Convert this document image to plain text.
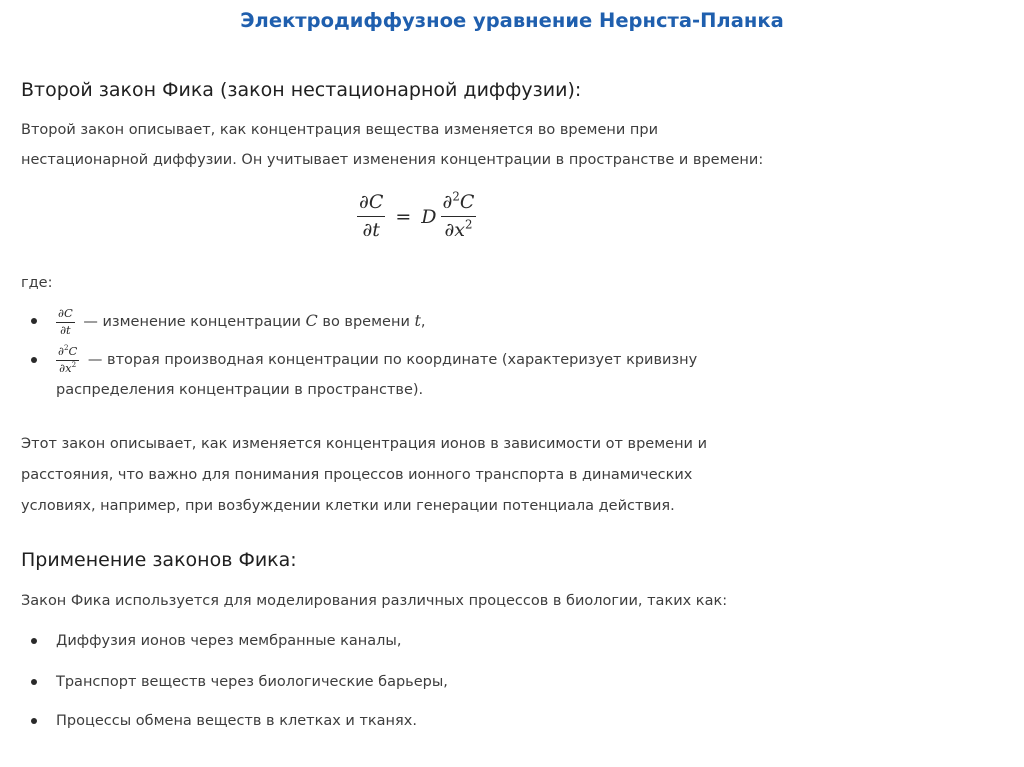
Электродиффузное уравнение Нернста-Планка
Второй закон Фика (закон нестационарной диффузии):

Второй закон описывает, как концентрация вещества изменяется во времени при

нестационарной диффузии. Он учитывает изменения концентрации в пространстве и времени:

$\frac{\partial C}{\partial t} = D \frac{\partial^2C}{\partial x^2}$

где:

$\frac{\partial C}{\partial t}$ — изменение концентрации C во времени t,
$\frac{\partial^2C}{\partial x^2}$ — вторая производная концентрации по координате (характеризует кривизну
распределения концентрации в пространстве).

Этот закон описывает, как изменяется концентрация ионов в зависимости от времени и

расстояния, что важно для понимания процессов ионного транспорта в динамических

условиях, например, при возбуждении клетки или генерации потенциала действия.

Применение законов Фика:

Закон Фика используется для моделирования различных процессов в биологии, таких как:

Диффузия ионов через мембранные каналы,
Транспорт веществ через биологические барьеры,
Процессы обмена веществ в клетках и тканях.
